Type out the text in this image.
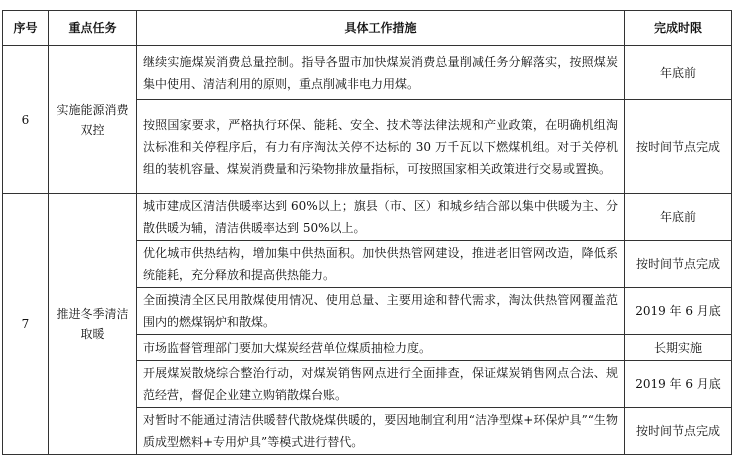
序号	重点任务	具体工作措施	完成时限
6	实施能源消费双控	继续实施煤炭消费总量控制。指导各盟市加快煤炭消费总量削减任务分解落实，按照煤炭集中使用、清洁利用的原则，重点削减非电力用煤。	年底前
		按照国家要求，严格执行环保、能耗、安全、技术等法律法规和产业政策，在明确机组淘汰标准和关停程序后，有力有序淘汰关停不达标的 30 万千瓦以下燃煤机组。对于关停机组的装机容量、煤炭消费量和污染物排放量指标，可按照国家相关政策进行交易或置换。	按时间节点完成
7	推进冬季清洁取暖	城市建成区清洁供暖率达到 60%以上；旗县（市、区）和城乡结合部以集中供暖为主、分散供暖为辅，清洁供暖率达到 50%以上。	年底前
		优化城市供热结构，增加集中供热面积。加快供热管网建设，推进老旧管网改造，降低系统能耗，充分释放和提高供热能力。	按时间节点完成
		全面摸清全区民用散煤使用情况、使用总量、主要用途和替代需求，淘汰供热管网覆盖范围内的燃煤锅炉和散煤。	2019 年 6 月底
		市场监督管理部门要加大煤炭经营单位煤质抽检力度。	长期实施
		开展煤炭散烧综合整治行动，对煤炭销售网点进行全面排查，保证煤炭销售网点合法、规范经营，督促企业建立购销散煤台账。	2019 年 6 月底
		对暂时不能通过清洁供暖替代散烧煤供暖的，要因地制宜利用“洁净型煤+环保炉具”“生物质成型燃料+专用炉具”等模式进行替代。	按时间节点完成
